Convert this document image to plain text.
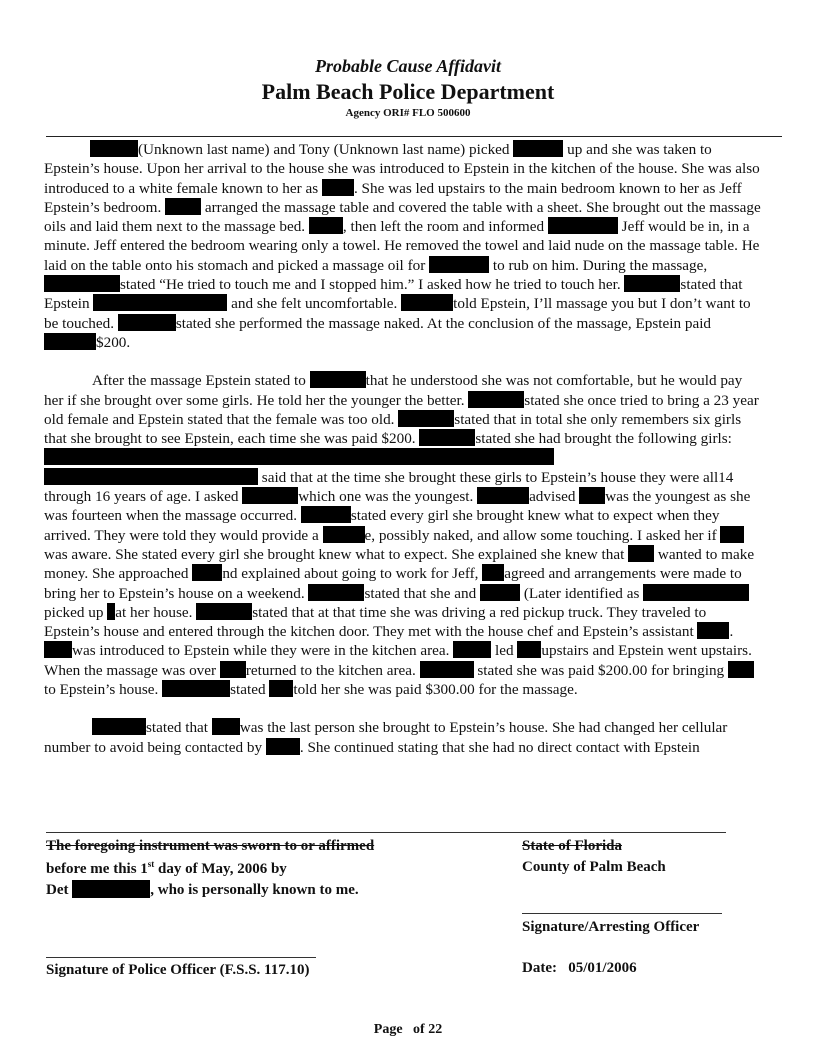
Probable Cause Affidavit
Palm Beach Police Department
Agency ORI# FLO 500600

(Unknown last name) and Tony (Unknown last name) picked	up and she was taken to Epstein’s house. Upon her arrival to the house she was introduced to Epstein in the kitchen of the house. She was also introduced to a white female known to her as . She was led upstairs to the main bedroom known to her as Jeff Epstein’s bedroom.  arranged the massage table and covered the table with a sheet. She brought out the massage oils and laid them next to the massage bed. , then left the room and informed	Jeff would be in, in a minute. Jeff entered the bedroom wearing only a towel. He removed the towel and laid nude on the massage table. He laid on the table onto his stomach and picked a massage oil for	to rub on him. During the massage, stated “He tried to touch me and I stopped him.” I asked how he tried to touch her.	stated that Epstein	and she felt uncomfortable.	told Epstein, I’ll massage you but I don’t want to be touched.	stated she performed the massage naked. At the conclusion of the massage, Epstein paid $200.

After the massage Epstein stated to	that he understood she was not comfortable, but he would pay her if she brought over some girls. He told her the younger the better.	stated she once tried to bring a 23 year old female and Epstein stated that the female was too old.	stated that in total she only remembers six girls that she brought to see Epstein, each time she was paid $200.	stated she had brought the following girls:  said that at the time she brought these girls to Epstein’s house they were all14 through 16 years of age. I asked	which one was the youngest.	advised was the youngest as she was fourteen when the massage occurred.	stated every girl she brought knew what to expect when they arrived. They were told they would provide a	e, possibly naked, and allow some touching. I asked her if was aware. She stated every girl she brought knew what to expect. She explained she knew that  wanted to make money. She approached nd explained about going to work for Jeff, agreed and arrangements were made to bring her to Epstein’s house on a weekend.	stated that she and	(Later identified as  picked up at her house.	stated that at that time she was driving a red pickup truck. They traveled to Epstein’s house and entered through the kitchen door. They met with the house chef and Epstein’s assistant . was introduced to Epstein while they were in the kitchen area.	led upstairs and Epstein went upstairs. When the massage was over returned to the kitchen area.	stated she was paid $200.00 for bringing to Epstein’s house.	stated told her she was paid $300.00 for the massage.

stated that was the last person she brought to Epstein’s house. She had changed her cellular number to avoid being contacted by . She continued stating that she had no direct contact with Epstein

The foregoing instrument was sworn to or affirmed
before me this 1st day of May, 2006 by
Det	, who is personally known to me.
State of Florida
County of Palm Beach
Signature/Arresting Officer
Signature of Police Officer (F.S.S. 117.10)	Date: 05/01/2006
Page of 22
